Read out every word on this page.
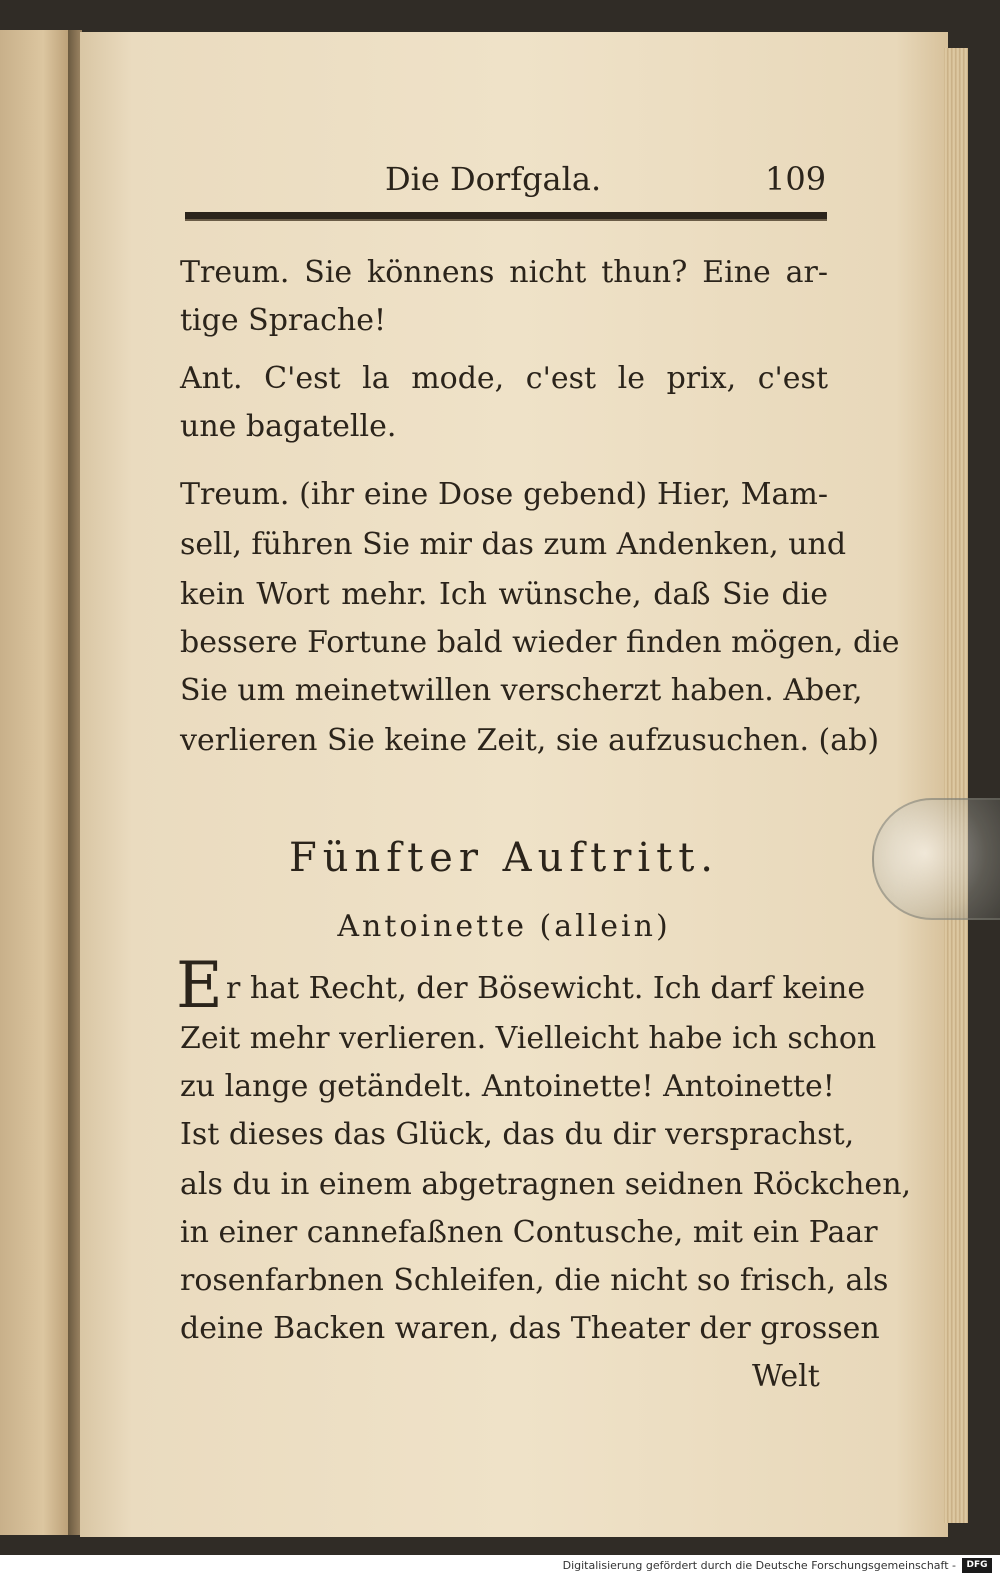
Die Dorfgala.	109
Treum. Sie könnens nicht thun? Eine ar-
tige Sprache!
Ant. C'est la mode, c'est le prix, c'est
une bagatelle.
Treum. (ihr eine Dose gebend) Hier, Mam-
sell, führen Sie mir das zum Andenken, und
kein Wort mehr. Ich wünsche, daß Sie die
bessere Fortune bald wieder finden mögen, die
Sie um meinetwillen verscherzt haben. Aber,
verlieren Sie keine Zeit, sie aufzusuchen. (ab)
Fünfter Auftritt.
Antoinette (allein)
E r hat Recht, der Bösewicht. Ich darf keine
Zeit mehr verlieren. Vielleicht habe ich schon
zu lange getändelt. Antoinette! Antoinette!
Ist dieses das Glück, das du dir versprachst,
als du in einem abgetragnen seidnen Röckchen,
in einer cannefaßnen Contusche, mit ein Paar
rosenfarbnen Schleifen, die nicht so frisch, als
deine Backen waren, das Theater der grossen
Welt
Digitalisierung gefördert durch die Deutsche Forschungsgemeinschaft -	DFG
